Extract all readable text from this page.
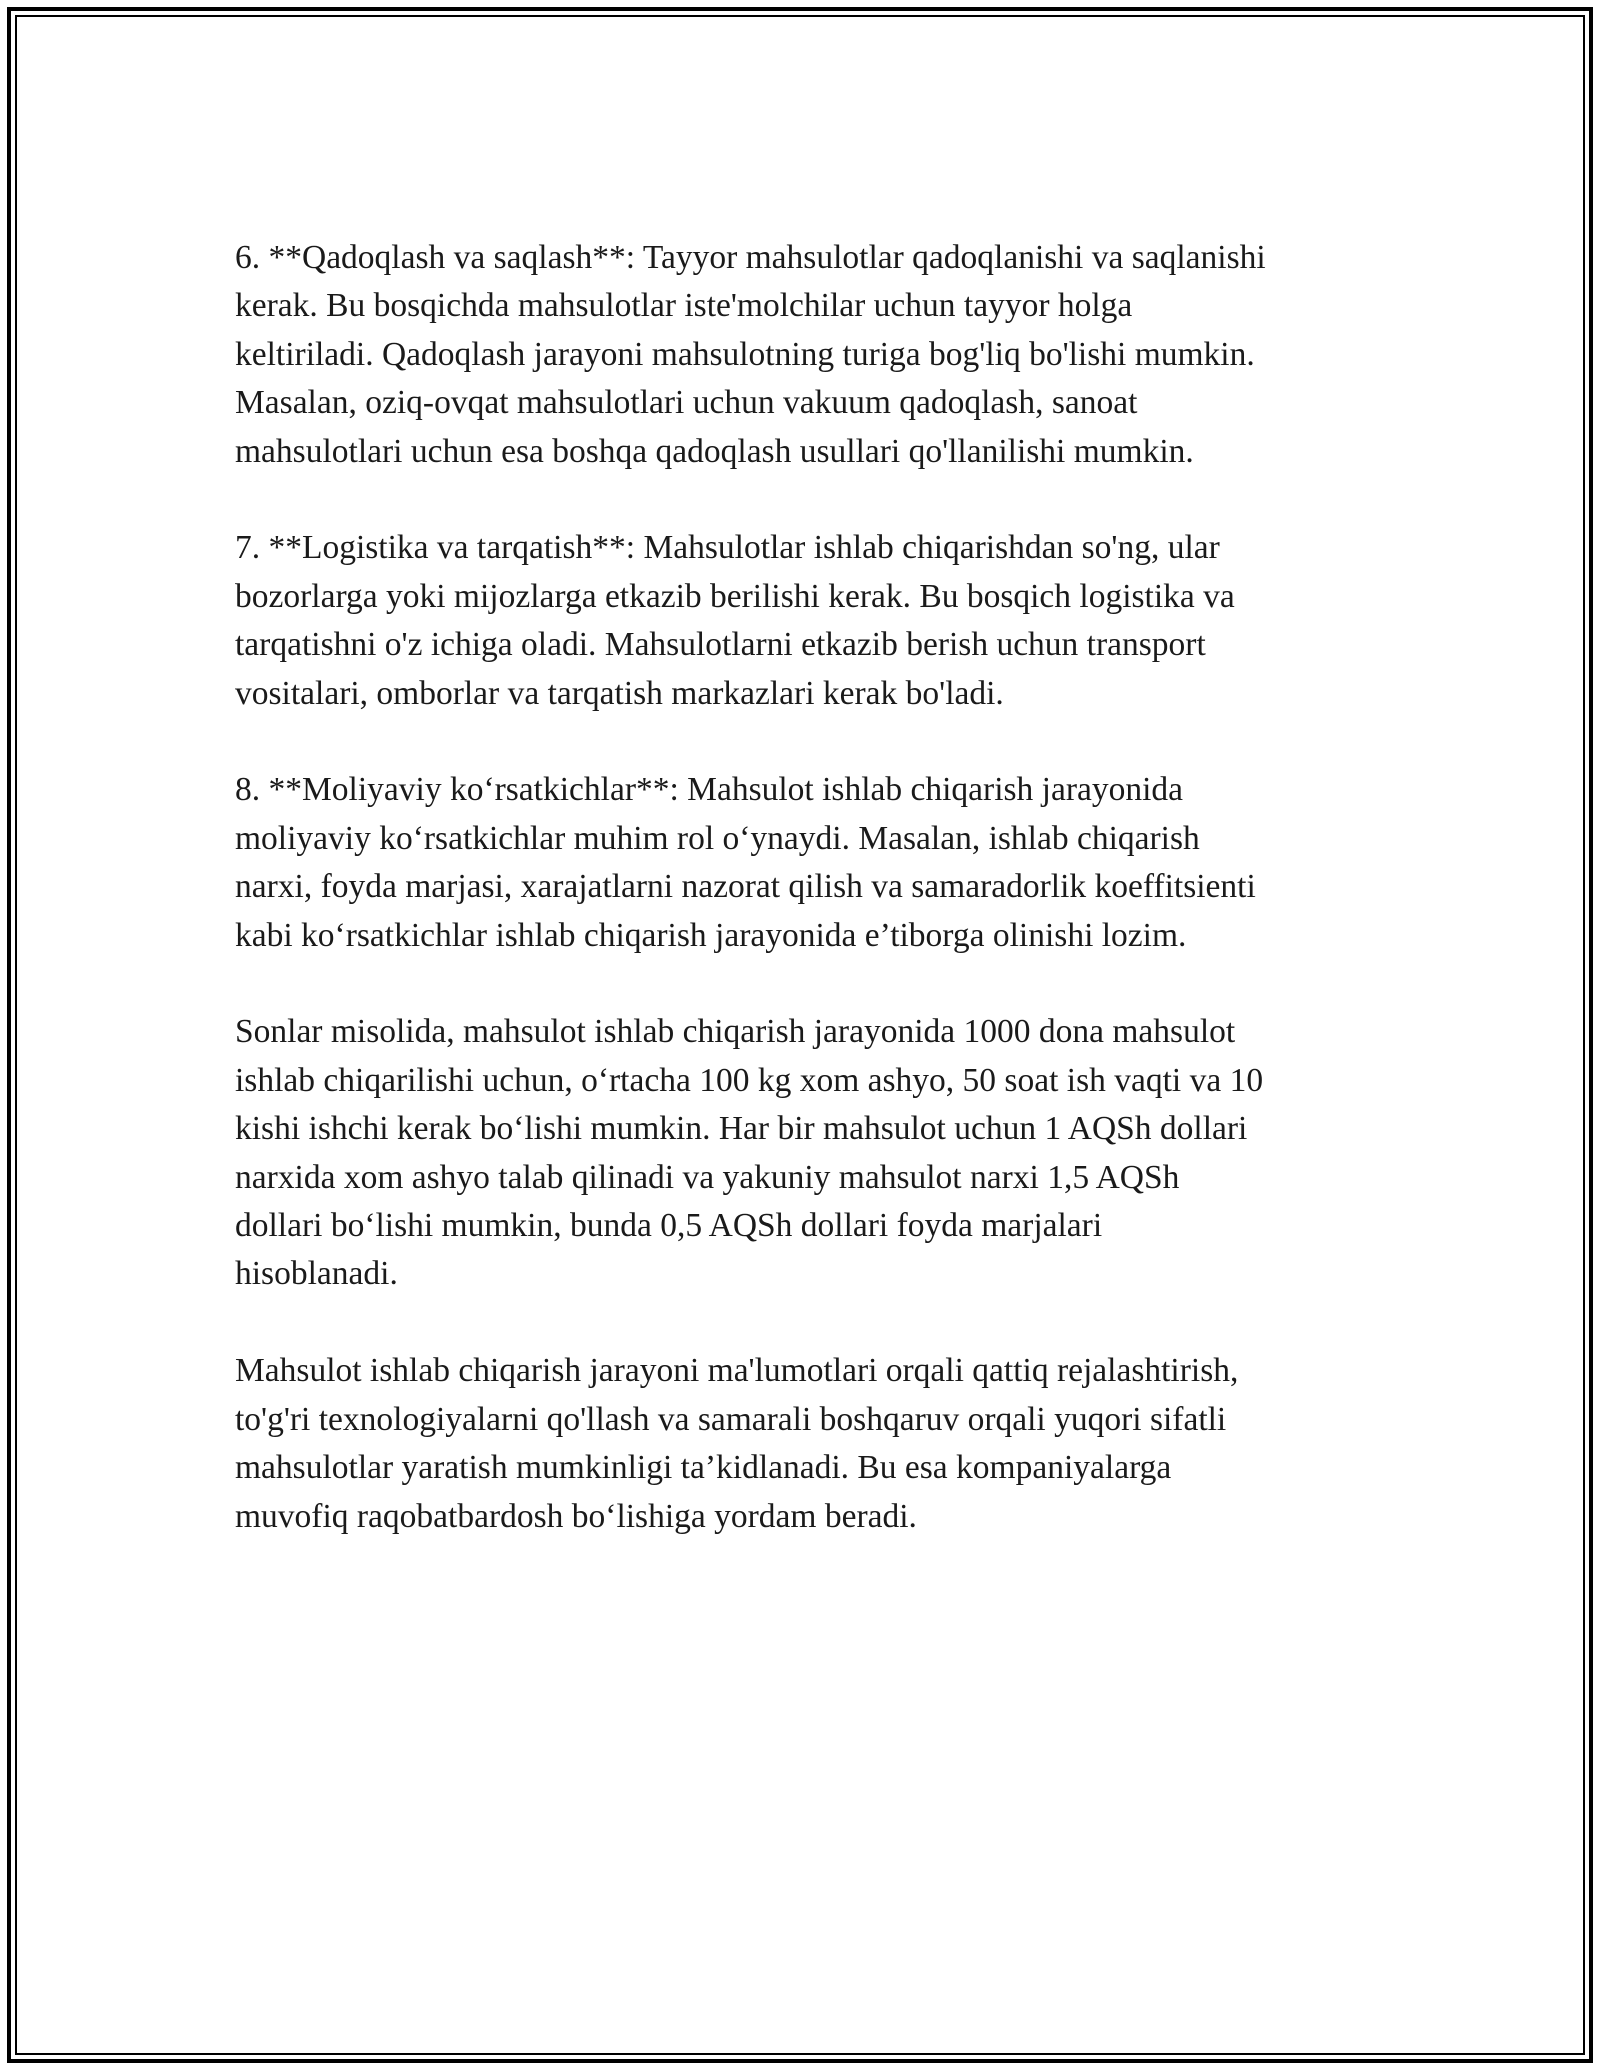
6. **Qadoqlash va saqlash**: Tayyor mahsulotlar qadoqlanishi va saqlanishi
kerak. Bu bosqichda mahsulotlar iste'molchilar uchun tayyor holga
keltiriladi. Qadoqlash jarayoni mahsulotning turiga bog'liq bo'lishi mumkin.
Masalan, oziq-ovqat mahsulotlari uchun vakuum qadoqlash, sanoat
mahsulotlari uchun esa boshqa qadoqlash usullari qo'llanilishi mumkin.

7. **Logistika va tarqatish**: Mahsulotlar ishlab chiqarishdan so'ng, ular
bozorlarga yoki mijozlarga etkazib berilishi kerak. Bu bosqich logistika va
tarqatishni o'z ichiga oladi. Mahsulotlarni etkazib berish uchun transport
vositalari, omborlar va tarqatish markazlari kerak bo'ladi.

8. **Moliyaviy ko‘rsatkichlar**: Mahsulot ishlab chiqarish jarayonida
moliyaviy ko‘rsatkichlar muhim rol o‘ynaydi. Masalan, ishlab chiqarish
narxi, foyda marjasi, xarajatlarni nazorat qilish va samaradorlik koeffitsienti
kabi ko‘rsatkichlar ishlab chiqarish jarayonida e’tiborga olinishi lozim.

Sonlar misolida, mahsulot ishlab chiqarish jarayonida 1000 dona mahsulot
ishlab chiqarilishi uchun, o‘rtacha 100 kg xom ashyo, 50 soat ish vaqti va 10
kishi ishchi kerak bo‘lishi mumkin. Har bir mahsulot uchun 1 AQSh dollari
narxida xom ashyo talab qilinadi va yakuniy mahsulot narxi 1,5 AQSh
dollari bo‘lishi mumkin, bunda 0,5 AQSh dollari foyda marjalari
hisoblanadi.

Mahsulot ishlab chiqarish jarayoni ma'lumotlari orqali qattiq rejalashtirish,
to'g'ri texnologiyalarni qo'llash va samarali boshqaruv orqali yuqori sifatli
mahsulotlar yaratish mumkinligi ta’kidlanadi. Bu esa kompaniyalarga
muvofiq raqobatbardosh bo‘lishiga yordam beradi.
